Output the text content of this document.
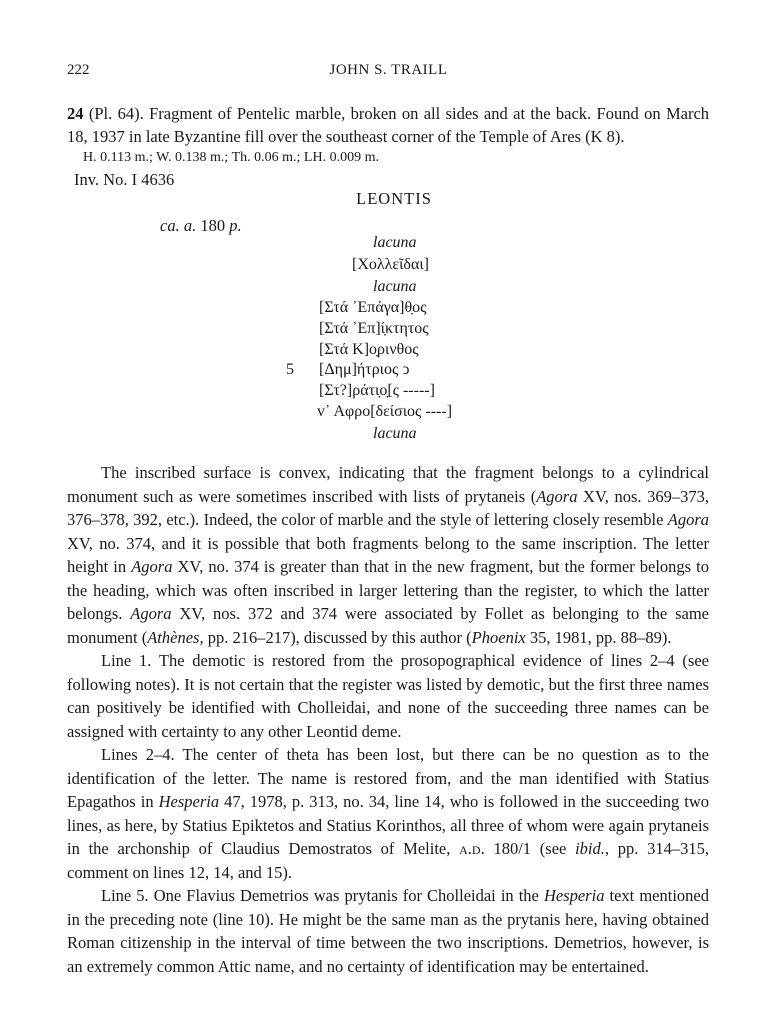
222	JOHN S. TRAILL
24 (Pl. 64). Fragment of Pentelic marble, broken on all sides and at the back. Found on March 18, 1937 in late Byzantine fill over the southeast corner of the Temple of Ares (K 8).
H. 0.113 m.; W. 0.138 m.; Th. 0.06 m.; LH. 0.009 m.
Inv. No. I 4636
LEONTIS
ca. a. 180 p.
lacuna
[Χολλεῖδαι]
lacuna
[Στά ᾿Επάγα]θ̣ος
[Στά ᾿Επ]ί̣κτητος
[Στά Κ]ο̣ρινθος
5 [Δημ]ήτριος ↄ
[Στ?]ράτι̣ο̣[ς -----]
v᾿ Αφρο[δείσιος ----]
lacuna

The inscribed surface is convex, indicating that the fragment belongs to a cylindrical monument such as were sometimes inscribed with lists of prytaneis (Agora XV, nos. 369–373, 376–378, 392, etc.). Indeed, the color of marble and the style of lettering closely resemble Agora XV, no. 374, and it is possible that both fragments belong to the same inscription. The letter height in Agora XV, no. 374 is greater than that in the new fragment, but the former belongs to the heading, which was often inscribed in larger lettering than the register, to which the latter belongs. Agora XV, nos. 372 and 374 were associated by Follet as belonging to the same monument (Athènes, pp. 216–217), discussed by this author (Phoenix 35, 1981, pp. 88–89).

Line 1. The demotic is restored from the prosopographical evidence of lines 2–4 (see following notes). It is not certain that the register was listed by demotic, but the first three names can positively be identified with Cholleidai, and none of the succeeding three names can be assigned with certainty to any other Leontid deme.

Lines 2–4. The center of theta has been lost, but there can be no question as to the identification of the letter. The name is restored from, and the man identified with Statius Epagathos in Hesperia 47, 1978, p. 313, no. 34, line 14, who is followed in the succeeding two lines, as here, by Statius Epiktetos and Statius Korinthos, all three of whom were again prytaneis in the archonship of Claudius Demostratos of Melite, a.d. 180/1 (see ibid., pp. 314–315, comment on lines 12, 14, and 15).

Line 5. One Flavius Demetrios was prytanis for Cholleidai in the Hesperia text mentioned in the preceding note (line 10). He might be the same man as the prytanis here, having obtained Roman citizenship in the interval of time between the two inscriptions. Demetrios, however, is an extremely common Attic name, and no certainty of identification may be entertained.
